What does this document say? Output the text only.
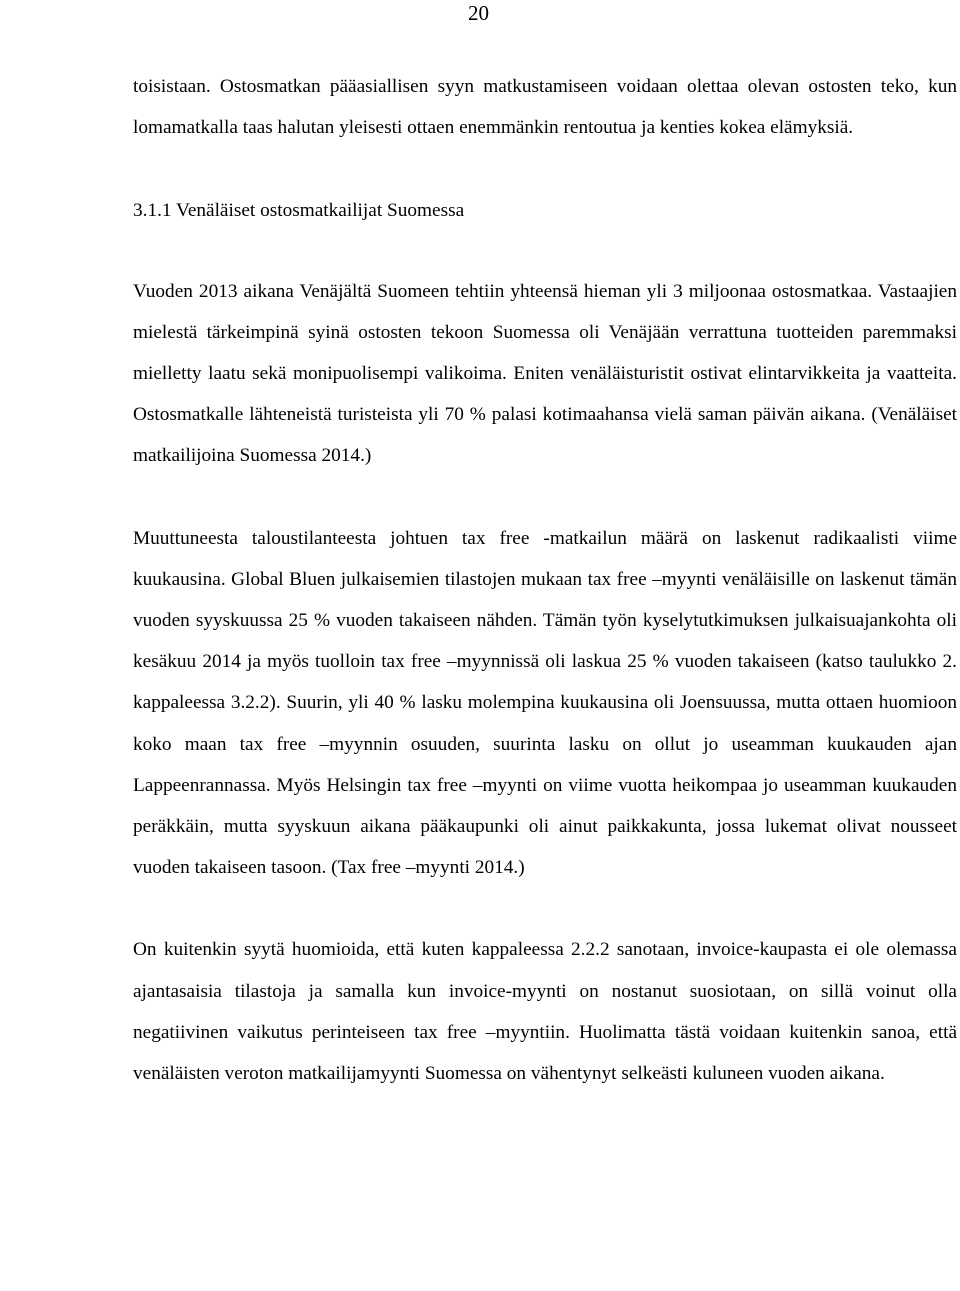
20

toisistaan. Ostosmatkan pääasiallisen syyn matkustamiseen voidaan olettaa olevan ostosten teko, kun lomamatkalla taas halutan yleisesti ottaen enemmänkin rentoutua ja kenties kokea elämyksiä.

3.1.1 Venäläiset ostosmatkailijat Suomessa

Vuoden 2013 aikana Venäjältä Suomeen tehtiin yhteensä hieman yli 3 miljoonaa ostosmatkaa. Vastaajien mielestä tärkeimpinä syinä ostosten tekoon Suomessa oli Venäjään verrattuna tuotteiden paremmaksi mielletty laatu sekä monipuolisempi valikoima. Eniten venäläisturistit ostivat elintarvikkeita ja vaatteita. Ostosmatkalle lähteneistä turisteista yli 70 % palasi kotimaahansa vielä saman päivän aikana. (Venäläiset matkailijoina Suomessa 2014.)

Muuttuneesta taloustilanteesta johtuen tax free -matkailun määrä on laskenut radikaalisti viime kuukausina. Global Bluen julkaisemien tilastojen mukaan tax free –myynti venäläisille on laskenut tämän vuoden syyskuussa 25 % vuoden takaiseen nähden. Tämän työn kyselytutkimuksen julkaisuajankohta oli kesäkuu 2014 ja myös tuolloin tax free –myynnissä oli laskua 25 % vuoden takaiseen (katso taulukko 2. kappaleessa 3.2.2). Suurin, yli 40 % lasku molempina kuukausina oli Joensuussa, mutta ottaen huomioon koko maan tax free –myynnin osuuden, suurinta lasku on ollut jo useamman kuukauden ajan Lappeenrannassa. Myös Helsingin tax free –myynti on viime vuotta heikompaa jo useamman kuukauden peräkkäin, mutta syyskuun aikana pääkaupunki oli ainut paikkakunta, jossa lukemat olivat nousseet vuoden takaiseen tasoon. (Tax free –myynti 2014.)

On kuitenkin syytä huomioida, että kuten kappaleessa 2.2.2 sanotaan, invoice-kaupasta ei ole olemassa ajantasaisia tilastoja ja samalla kun invoice-myynti on nostanut suosiotaan, on sillä voinut olla negatiivinen vaikutus perinteiseen tax free –myyntiin. Huolimatta tästä voidaan kuitenkin sanoa, että venäläisten veroton matkailijamyynti Suomessa on vähentynyt selkeästi kuluneen vuoden aikana.
